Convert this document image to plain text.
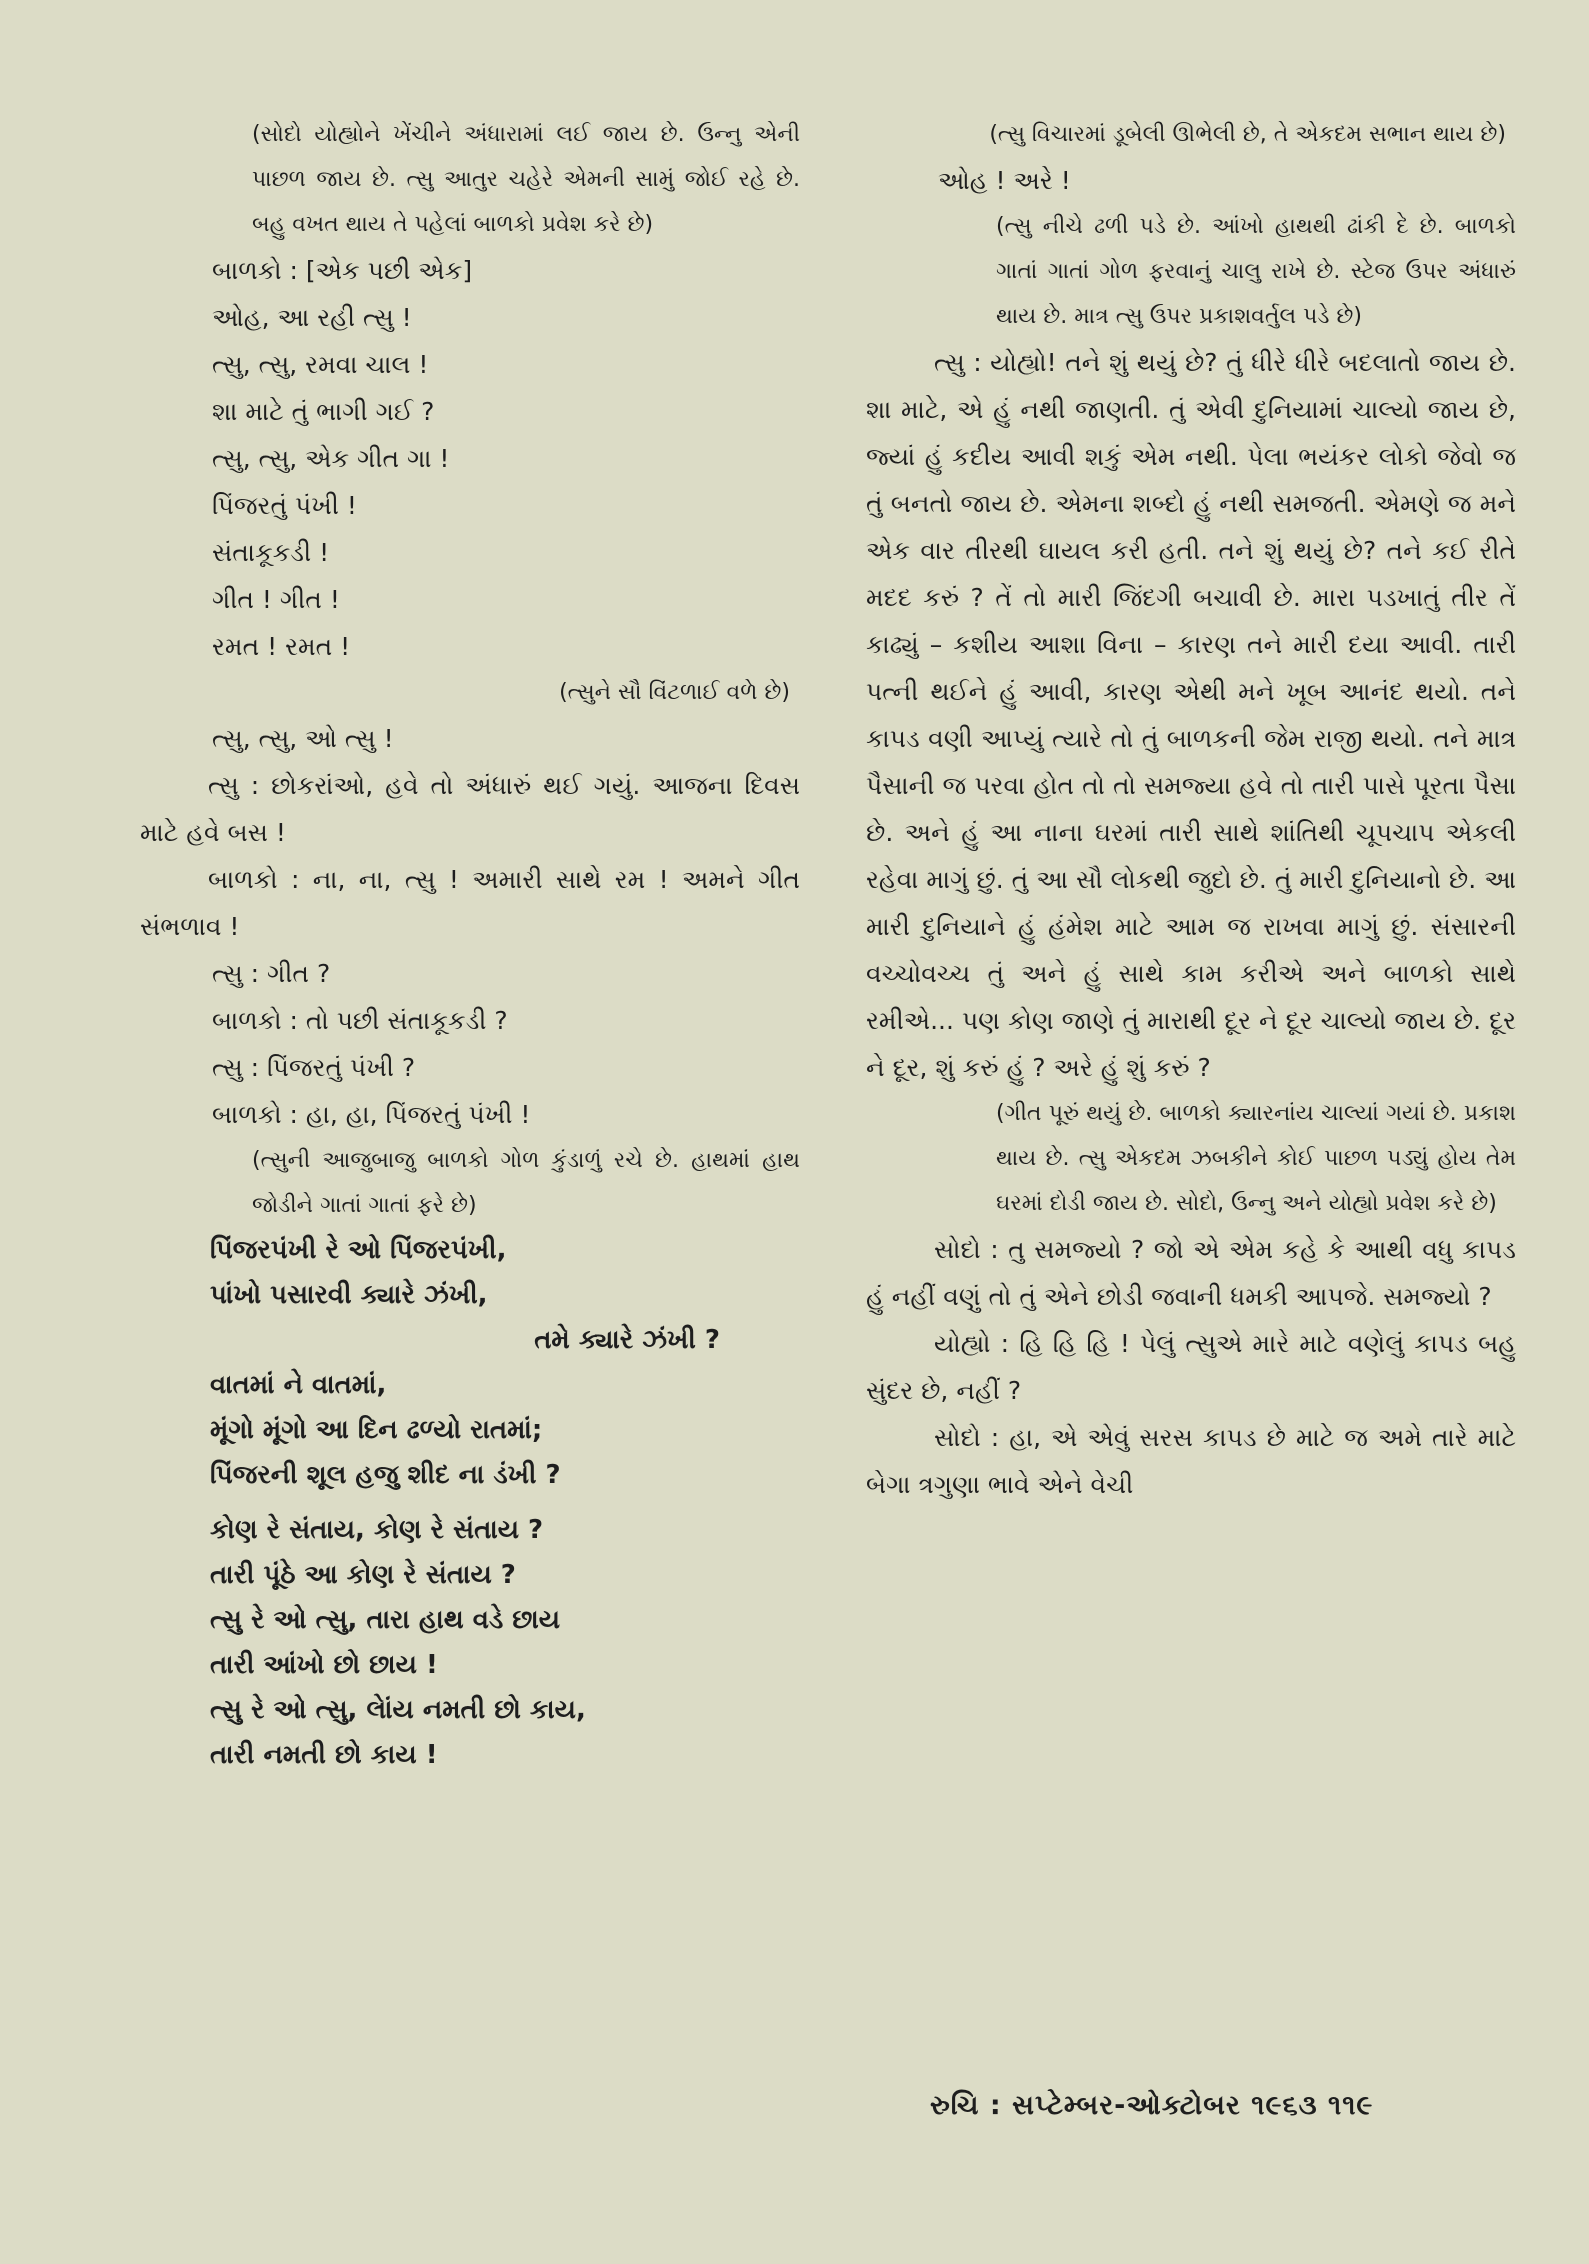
(સોદો યોહ્યોને ખેંચીને અંધારામાં લઈ જાય છે. ઉન્નુ એની પાછળ જાય છે. ત્સુ આતુર ચહેરે એમની સામું જોઈ રહે છે. બહુ વખત થાય તે પહેલાં બાળકો પ્રવેશ કરે છે)

બાળકો : [એક પછી એક]

ઓહ, આ રહી ત્સુ !

ત્સુ, ત્સુ, રમવા ચાલ !

શા માટે તું ભાગી ગઈ ?

ત્સુ, ત્સુ, એક ગીત ગા !

પિંજરતું પંખી !

સંતાકૂકડી !

ગીત ! ગીત !

રમત ! રમત !

(ત્સુને સૌ વિંટળાઈ વળે છે)

ત્સુ, ત્સુ, ઓ ત્સુ !

ત્સુ : છોકરાંઓ, હવે તો અંધારું થઈ ગયું. આજના દિવસ માટે હવે બસ !

બાળકો : ના, ના, ત્સુ ! અમારી સાથે રમ ! અમને ગીત સંભળાવ !

ત્સુ : ગીત ?

બાળકો : તો પછી સંતાકૂકડી ?

ત્સુ : પિંજરતું પંખી ?

બાળકો : હા, હા, પિંજરતું પંખી !

(ત્સુની આજુબાજુ બાળકો ગોળ કુંડાળું રચે છે. હાથમાં હાથ જોડીને ગાતાં ગાતાં ફરે છે)

પિંજરપંખી રે ઓ પિંજરપંખી,

પાંખો પસારવી ક્યારે ઝંખી,

તમે ક્યારે ઝંખી ?

વાતમાં ને વાતમાં,

મૂંગો મૂંગો આ દિન ઢળ્યો રાતમાં;

પિંજરની શૂલ હજુ શીદ ના ડંખી ?

કોણ રે સંતાય, કોણ રે સંતાય ?

તારી પૂંઠે આ કોણ રે સંતાય ?

ત્સુ રે ઓ ત્સુ, તારા હાથ વડે છાય

તારી આંખો છો છાય !

ત્સુ રે ઓ ત્સુ, લેાંય નમતી છો કાય,

તારી નમતી છો કાય !

(ત્સુ વિચારમાં ડૂબેલી ઊભેલી છે, તે એકદમ સભાન થાય છે)

ઓહ ! અરે !

(ત્સુ નીચે ઢળી પડે છે. આંખો હાથથી ઢાંકી દે છે. બાળકો ગાતાં ગાતાં ગોળ ફરવાનું ચાલુ રાખે છે. સ્ટેજ ઉપર અંધારું થાય છે. માત્ર ત્સુ ઉપર પ્રકાશવર્તુલ પડે છે)

ત્સુ : યોહ્યો! તને શું થયું છે? તું ધીરે ધીરે બદલાતો જાય છે. શા માટે, એ હું નથી જાણતી. તું એવી દુનિયામાં ચાલ્યો જાય છે, જ્યાં હું કદીય આવી શકું એમ નથી. પેલા ભયંકર લોકો જેવો જ તું બનતો જાય છે. એમના શબ્દો હું નથી સમજતી. એમણે જ મને એક વાર તીરથી ઘાયલ કરી હતી. તને શું થયું છે? તને કઈ રીતે મદદ કરું ? તેં તો મારી જિંદગી બચાવી છે. મારા પડખાતું તીર તેં કાઢ્યું – કશીય આશા વિના – કારણ તને મારી દયા આવી. તારી પત્ની થઈને હું આવી, કારણ એથી મને ખૂબ આનંદ થયો. તને કાપડ વણી આપ્યું ત્યારે તો તું બાળકની જેમ રાજી થયો. તને માત્ર પૈસાની જ પરવા હોત તો તો સમજ્યા હવે તો તારી પાસે પૂરતા પૈસા છે. અને હું આ નાના ઘરમાં તારી સાથે શાંતિથી ચૂપચાપ એકલી રહેવા માગું છું. તું આ સૌ લોકથી જુદો છે. તું મારી દુનિયાનો છે. આ મારી દુનિયાને હું હંમેશ માટે આમ જ રાખવા માગું છું. સંસારની વચ્ચોવચ્ચ તું અને હું સાથે કામ કરીએ અને બાળકો સાથે રમીએ... પણ કોણ જાણે તું મારાથી દૂર ને દૂર ચાલ્યો જાય છે. દૂર ને દૂર, શું કરું હું ? અરે હું શું કરું ?

(ગીત પૂરું થયું છે. બાળકો ક્યારનાંય ચાલ્યાં ગયાં છે. પ્રકાશ થાય છે. ત્સુ એકદમ ઝબકીને કોઈ પાછળ પડ્યું હોય તેમ ઘરમાં દોડી જાય છે. સોદો, ઉન્નુ અને યોહ્યો પ્રવેશ કરે છે)

સોદો : તુ સમજ્યો ? જો એ એમ કહે કે આથી વધુ કાપડ હું નહીં વણું તો તું એને છોડી જવાની ધમકી આપજે. સમજ્યો ?

યોહ્યો : હિ હિ હિ ! પેલું ત્સુએ મારે માટે વણેલું કાપડ બહુ સુંદર છે, નહીં ?

સોદો : હા, એ એવું સરસ કાપડ છે માટે જ અમે તારે માટે બેગા ત્રગુણા ભાવે એને વેચી

રુચિ : સપ્ટેમ્બર-ઓક્ટોબર ૧૯૬૩ ૧૧૯
